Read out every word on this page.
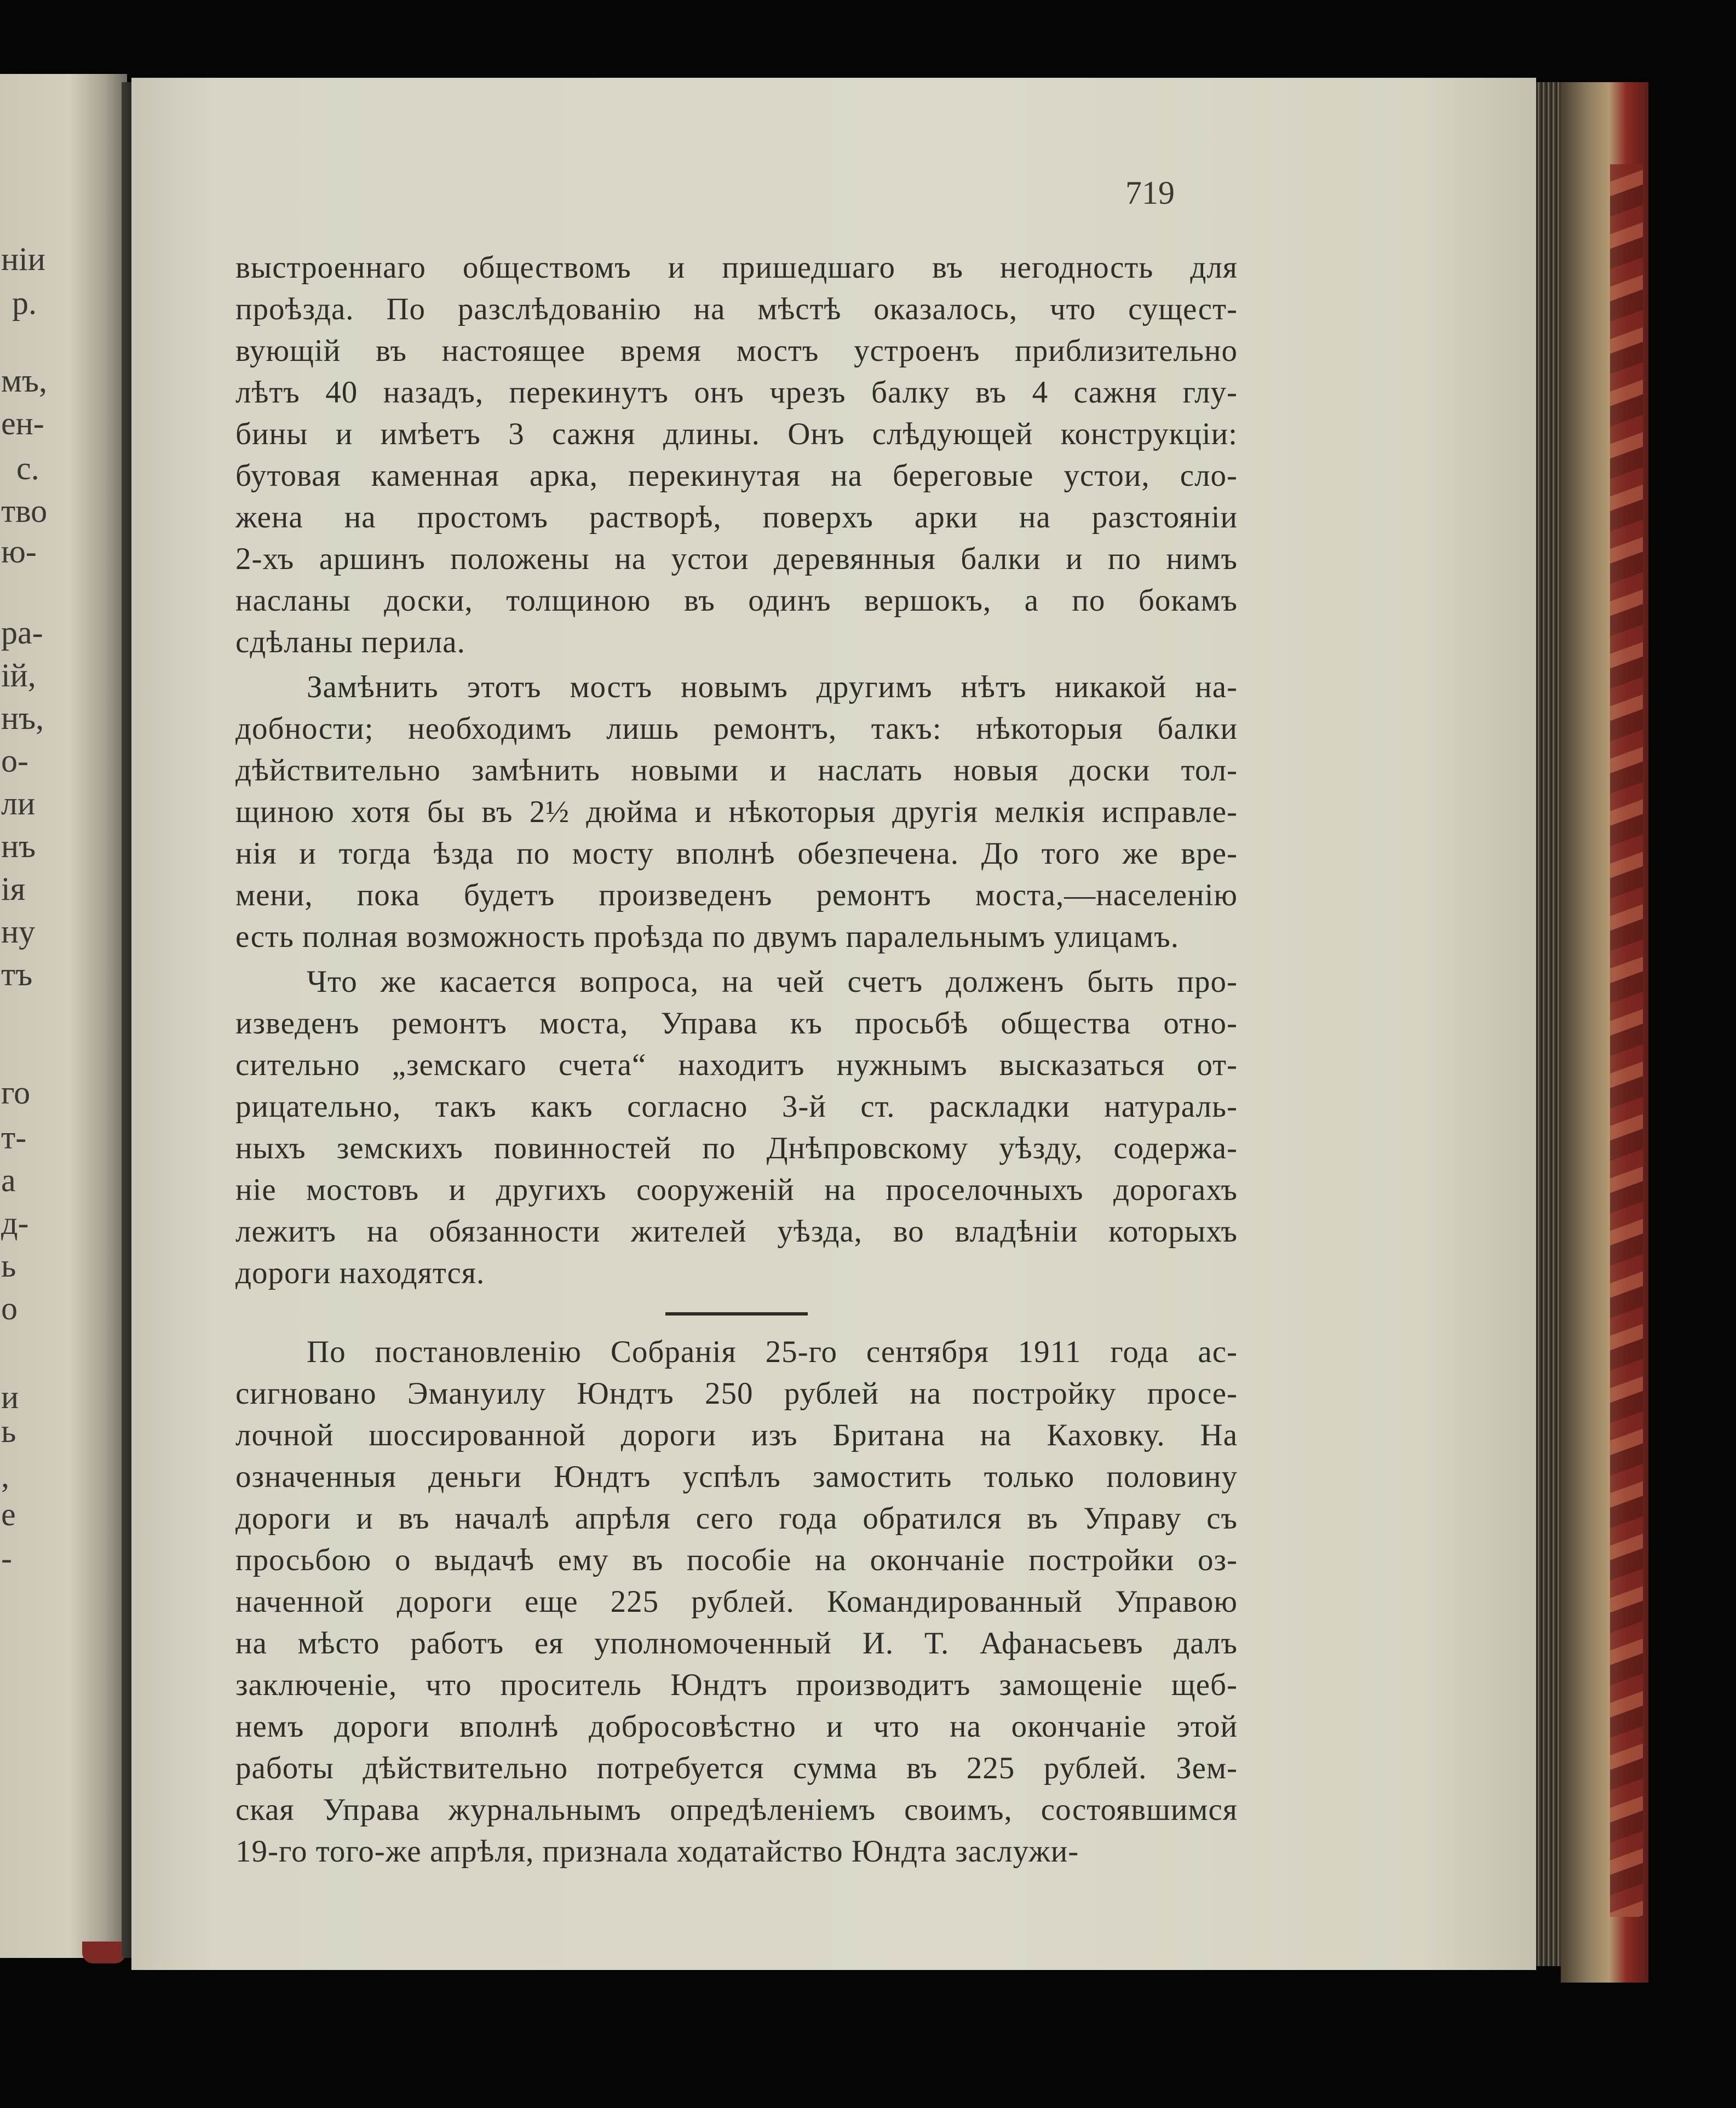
нiи
р.
мъ,
ен-
с.
тво
ю-
ра-
ій,
нъ,
о-
ли
нъ
ія
ну
тъ
го
т-
а
д-
ь
о
и
ь
,
е
-
719
выстроеннаго обществомъ и пришедшаго въ негодность для
проѣзда. По разслѣдованію на мѣстѣ оказалось, что сущест-
вующій въ настоящее время мостъ устроенъ приблизительно
лѣтъ 40 назадъ, перекинутъ онъ чрезъ балку въ 4 сажня глу-
бины и имѣетъ 3 сажня длины. Онъ слѣдующей конструкціи:
бутовая каменная арка, перекинутая на береговые устои, сло-
жена на простомъ растворѣ, поверхъ арки на разстояніи
2-хъ аршинъ положены на устои деревянныя балки и по нимъ
насланы доски, толщиною въ одинъ вершокъ, а по бокамъ
сдѣланы перила.
Замѣнить этотъ мостъ новымъ другимъ нѣтъ никакой на-
добности; необходимъ лишь ремонтъ, такъ: нѣкоторыя балки
дѣйствительно замѣнить новыми и наслать новыя доски тол-
щиною хотя бы въ 2½ дюйма и нѣкоторыя другія мелкія исправле-
нія и тогда ѣзда по мосту вполнѣ обезпечена. До того же вре-
мени, пока будетъ произведенъ ремонтъ моста,—населенію
есть полная возможность проѣзда по двумъ паралельнымъ улицамъ.
Что же касается вопроса, на чей счетъ долженъ быть про-
изведенъ ремонтъ моста, Управа къ просьбѣ общества отно-
сительно „земскаго счета“ находитъ нужнымъ высказаться от-
рицательно, такъ какъ согласно 3-й ст. раскладки натураль-
ныхъ земскихъ повинностей по Днѣпровскому уѣзду, содержа-
ніе мостовъ и другихъ сооруженій на проселочныхъ дорогахъ
лежитъ на обязанности жителей уѣзда, во владѣніи которыхъ
дороги находятся.
По постановленію Собранія 25-го сентября 1911 года ас-
сигновано Эмануилу Юндтъ 250 рублей на постройку просе-
лочной шоссированной дороги изъ Британа на Каховку. На
означенныя деньги Юндтъ успѣлъ замостить только половину
дороги и въ началѣ апрѣля сего года обратился въ Управу съ
просьбою о выдачѣ ему въ пособіе на окончаніе постройки оз-
наченной дороги еще 225 рублей. Командированный Управою
на мѣсто работъ ея уполномоченный И. Т. Афанасьевъ далъ
заключеніе, что проситель Юндтъ производитъ замощеніе щеб-
немъ дороги вполнѣ добросовѣстно и что на окончаніе этой
работы дѣйствительно потребуется сумма въ 225 рублей. Зем-
ская Управа журнальнымъ опредѣленіемъ своимъ, состоявшимся
19-го того-же апрѣля, признала ходатайство Юндта заслужи-
